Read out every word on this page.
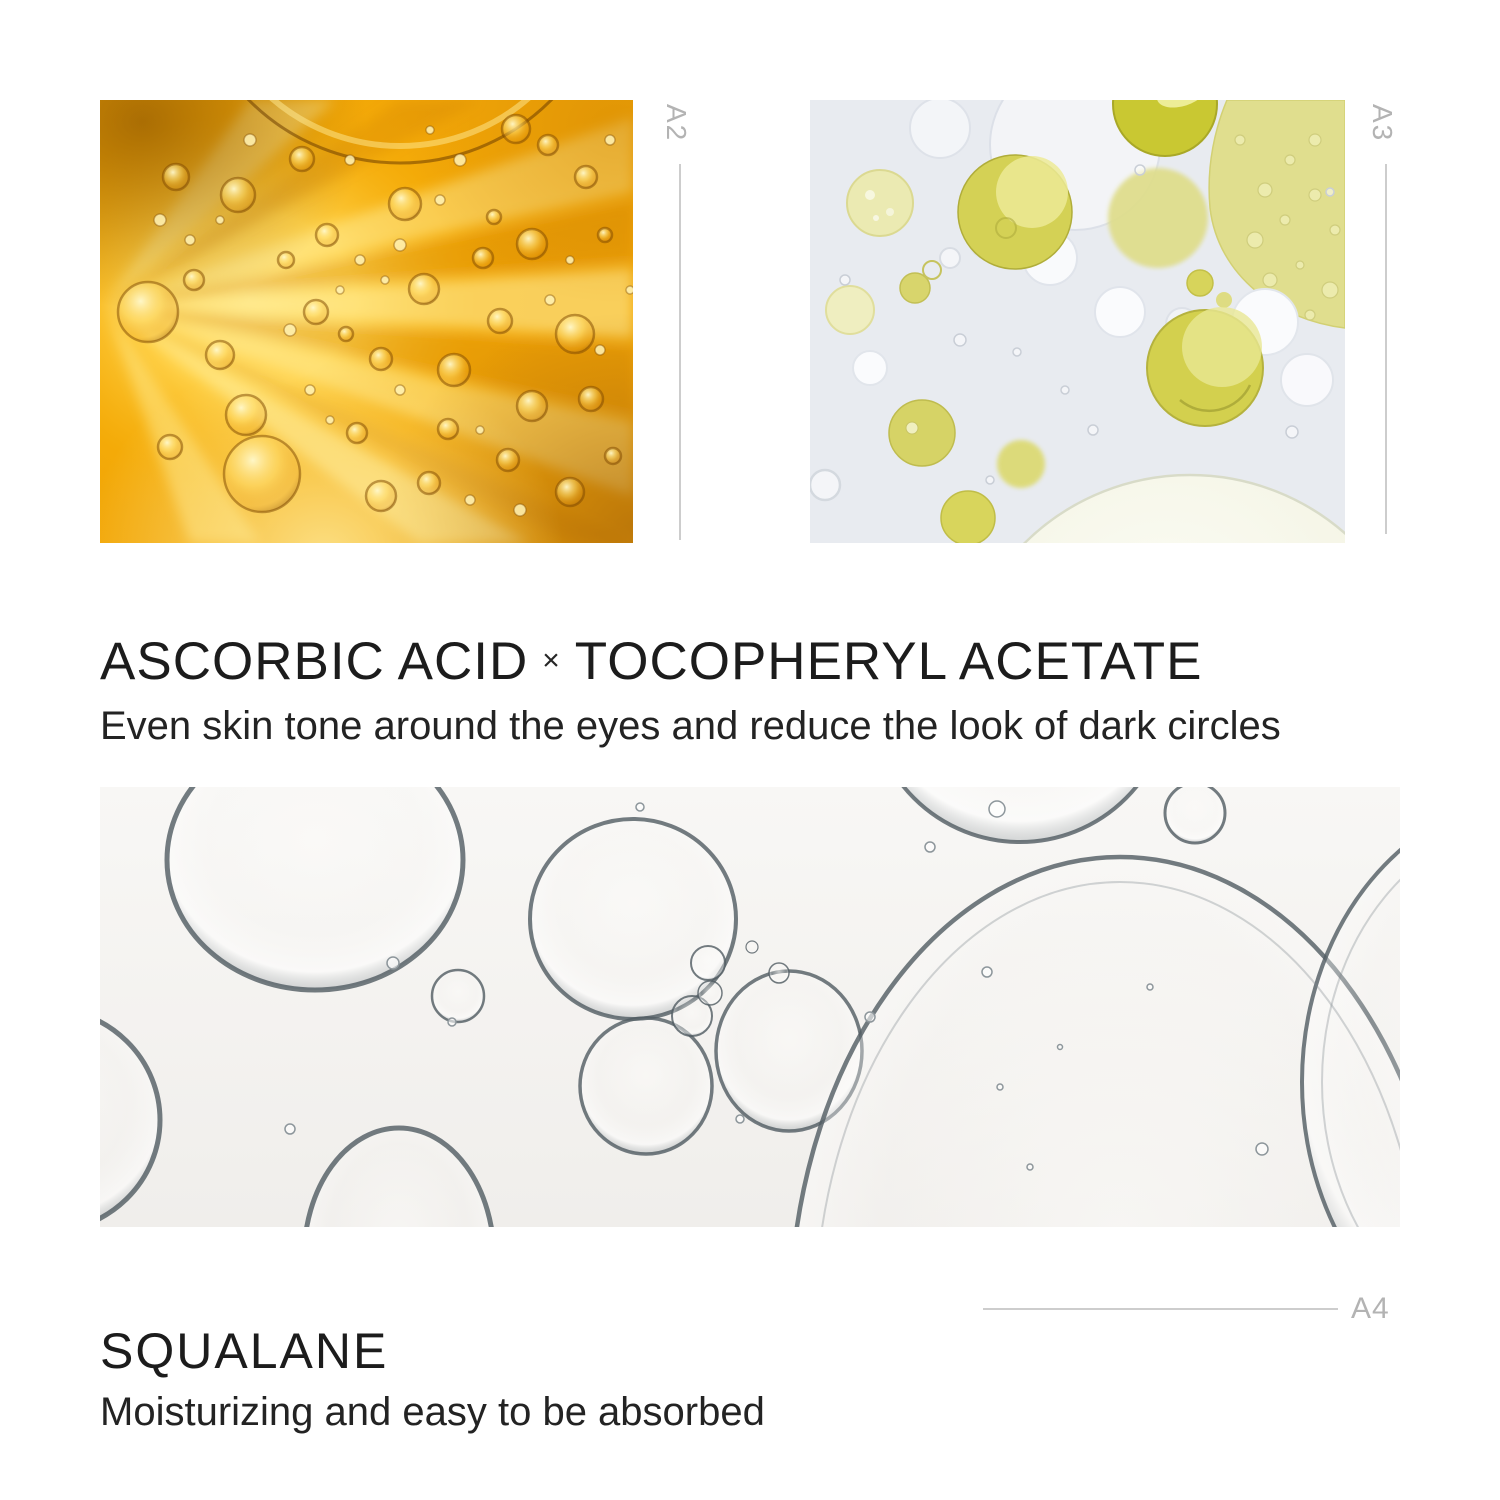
A2	A3
ASCORBIC ACID × TOCOPHERYL ACETATE

Even skin tone around the eyes and reduce the look of dark circles

SQUALANE
A4

Moisturizing and easy to be absorbed
